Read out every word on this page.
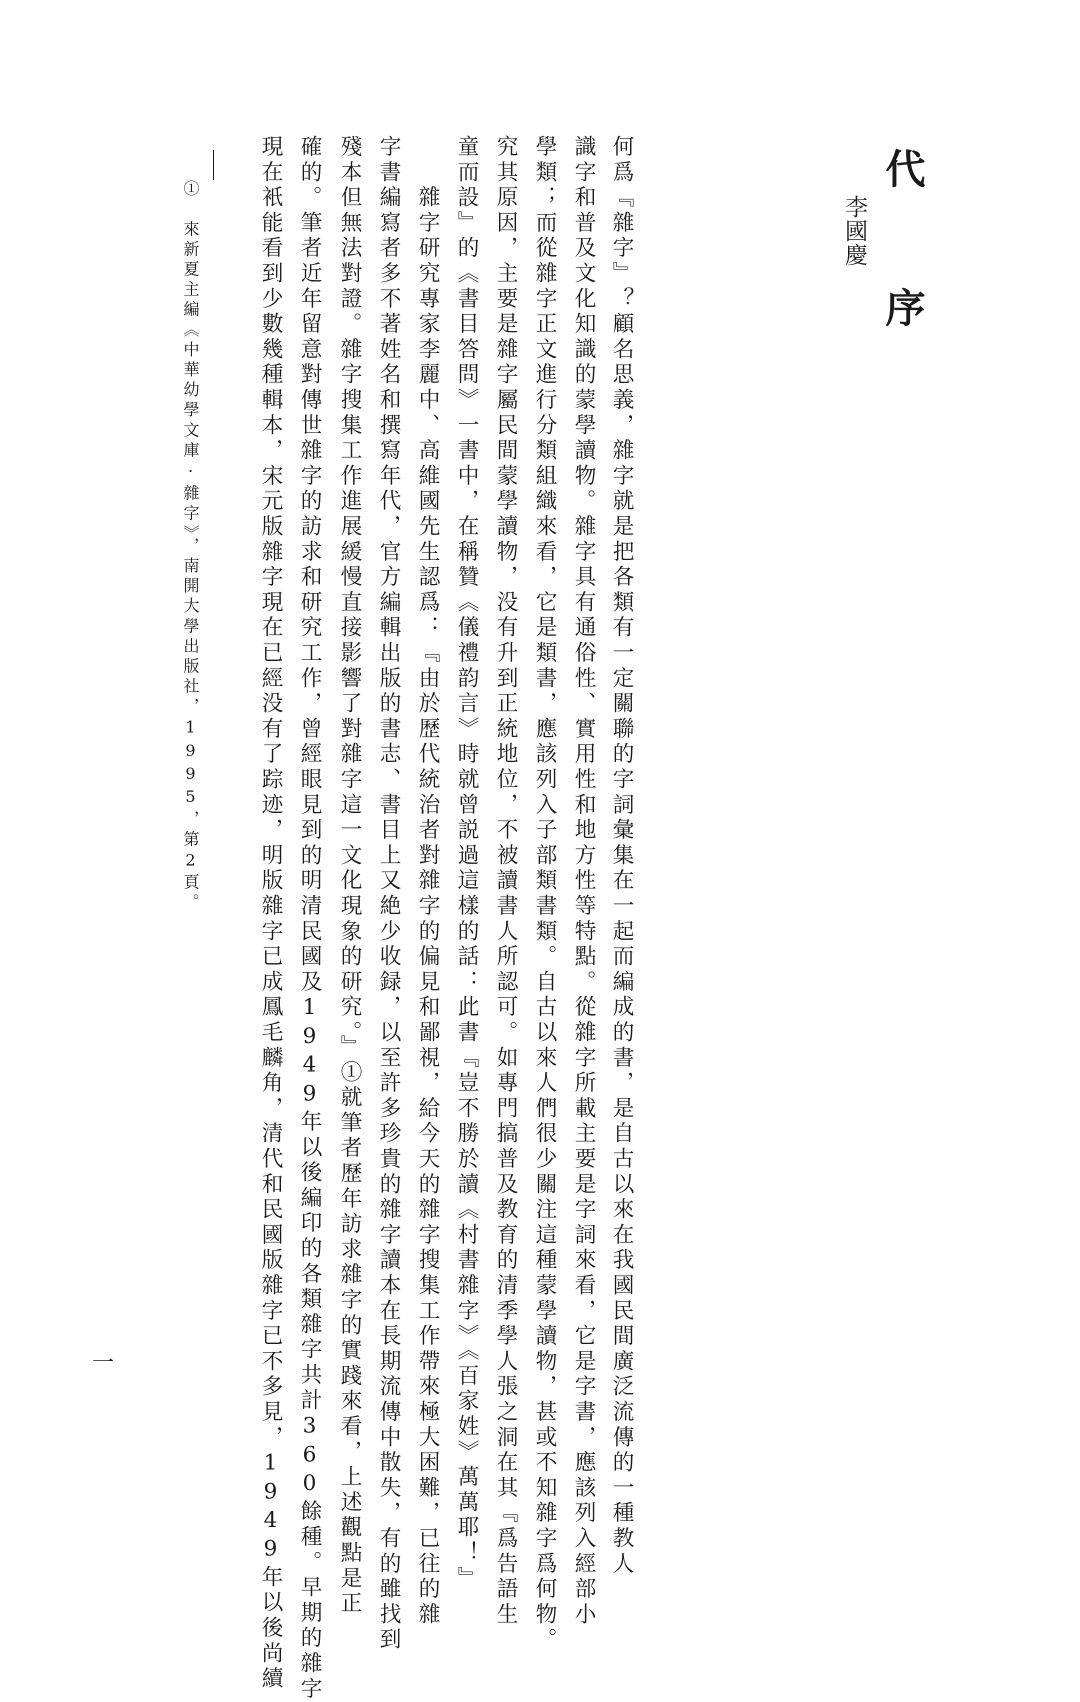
代 序
李國慶
何爲『雜字』？顧名思義，雜字就是把各類有一定關聯的字詞彙集在一起而編成的書，是自古以來在我國民間廣泛流傳的一種教人
識字和普及文化知識的蒙學讀物。雜字具有通俗性、實用性和地方性等特點。從雜字所載主要是字詞來看，它是字書，應該列入經部小
學類；而從雜字正文進行分類組織來看，它是類書，應該列入子部類書類。自古以來人們很少關注這種蒙學讀物，甚或不知雜字爲何物。
究其原因，主要是雜字屬民間蒙學讀物，没有升到正統地位，不被讀書人所認可。如專門搞普及教育的清季學人張之洞在其『爲告語生
童而設』的《書目答問》一書中，在稱贊《儀禮韵言》時就曾説過這樣的話：此書『豈不勝於讀《村書雜字》《百家姓》萬萬耶！』
　　雜字研究專家李麗中、高維國先生認爲：『由於歷代統治者對雜字的偏見和鄙視，給今天的雜字搜集工作帶來極大困難，已往的雜
字書編寫者多不著姓名和撰寫年代，官方編輯出版的書志、書目上又絶少收録，以至許多珍貴的雜字讀本在長期流傳中散失，有的雖找到
殘本但無法對證。雜字搜集工作進展緩慢直接影響了對雜字這一文化現象的研究。』①就筆者歷年訪求雜字的實踐來看，上述觀點是正
確的。筆者近年留意對傳世雜字的訪求和研究工作，曾經眼見到的明清民國及1949年以後編印的各類雜字共計360餘種。早期的雜字
現在衹能看到少數幾種輯本，宋元版雜字現在已經没有了踪迹，明版雜字已成鳳毛麟角，清代和民國版雜字已不多見，1949年以後尚續
①　來新夏主編《中華幼學文庫·雜字》，南開大學出版社，1995，第2頁。
一
